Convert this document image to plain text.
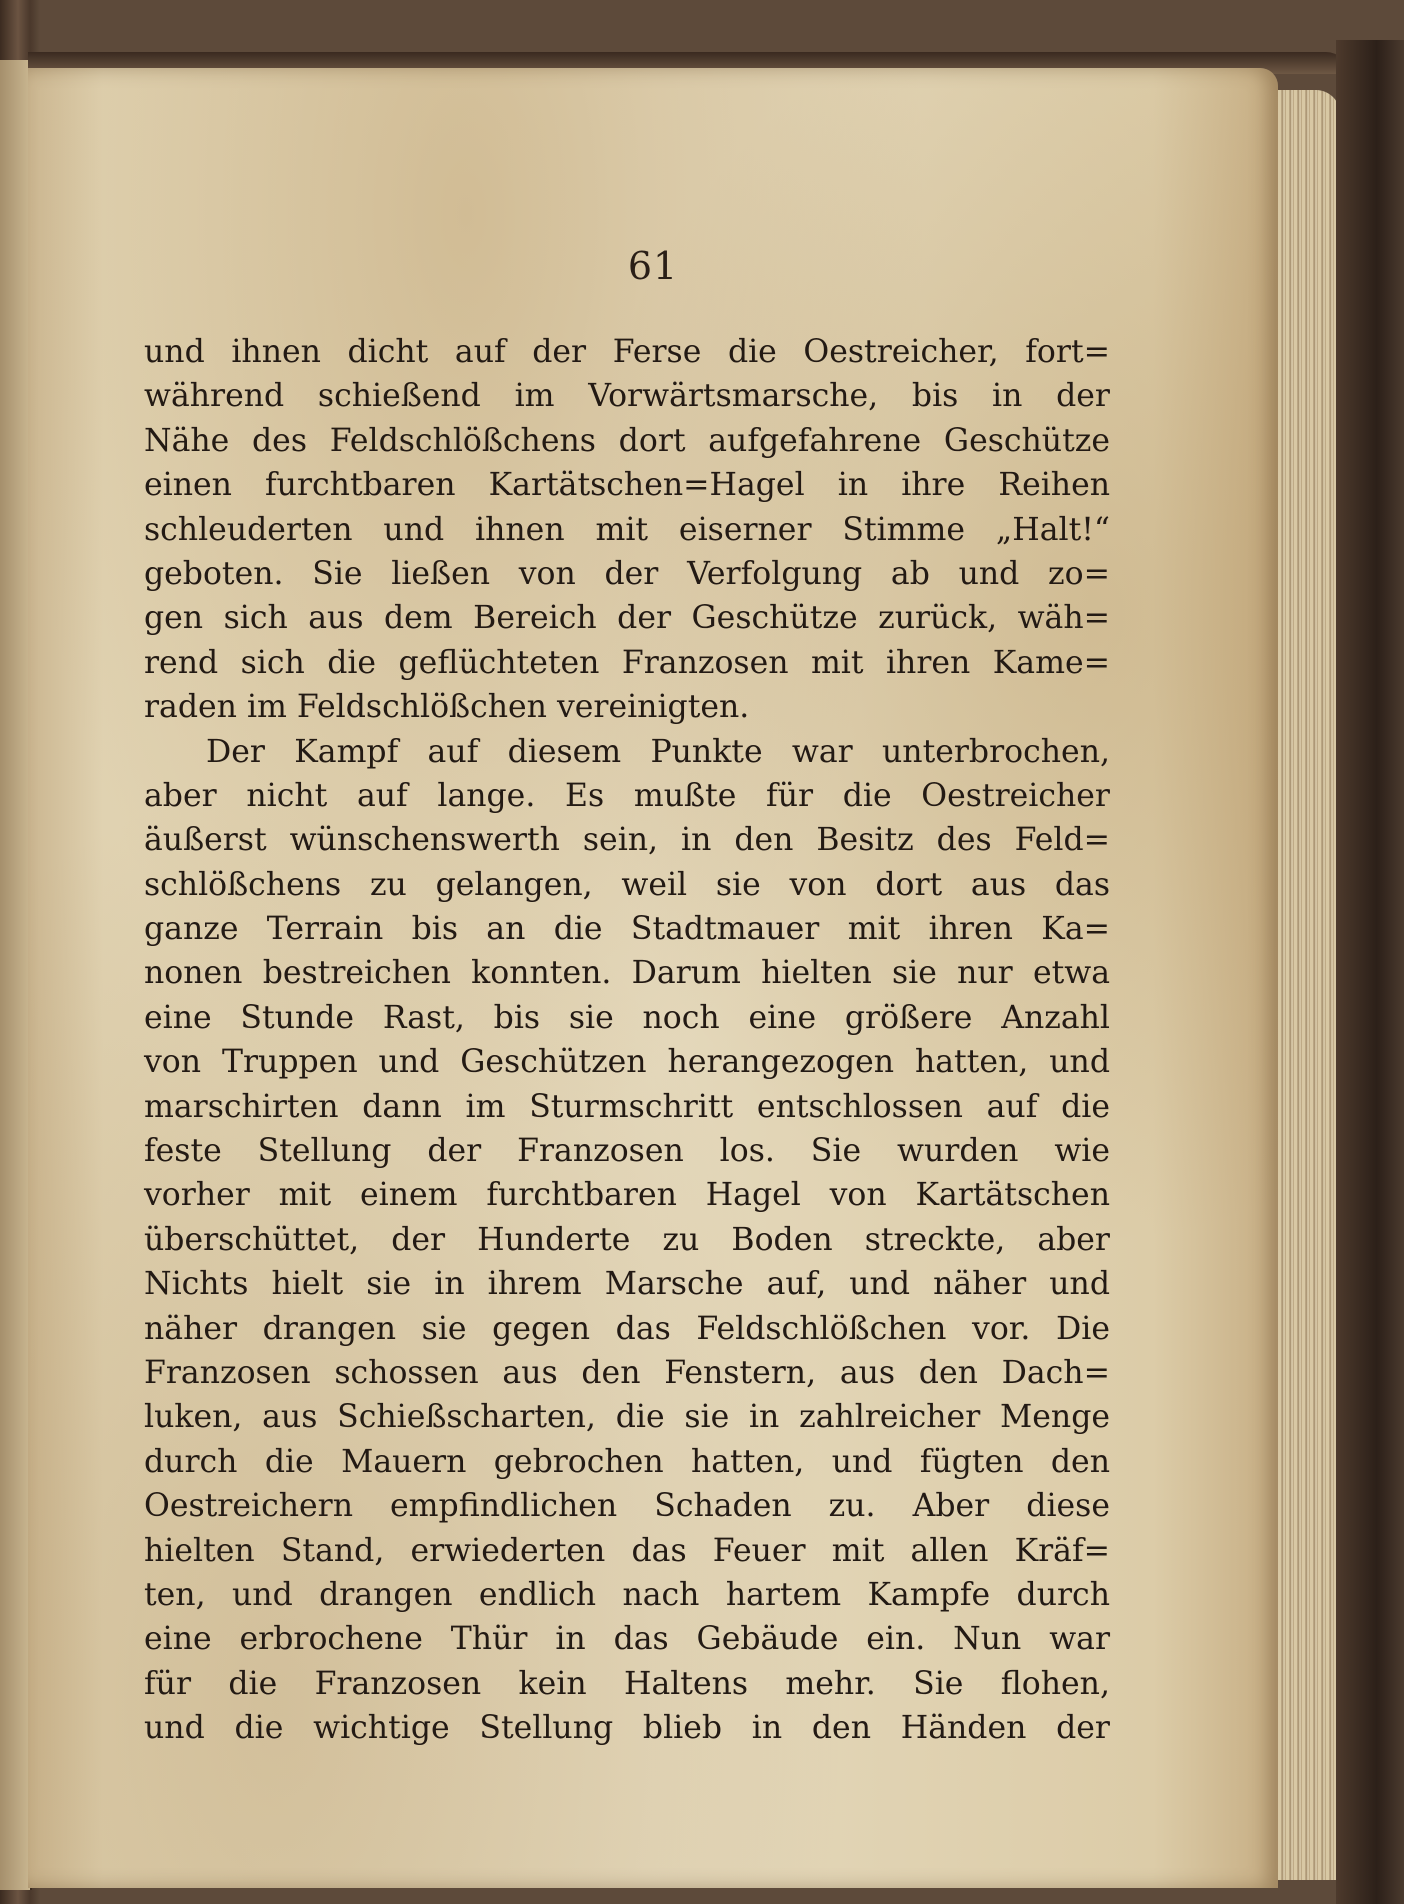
61
und ihnen dicht auf der Ferse die Oestreicher, fort=
während schießend im Vorwärtsmarsche, bis in der
Nähe des Feldschlößchens dort aufgefahrene Geschütze
einen furchtbaren Kartätschen=Hagel in ihre Reihen
schleuderten und ihnen mit eiserner Stimme „Halt!“
geboten. Sie ließen von der Verfolgung ab und zo=
gen sich aus dem Bereich der Geschütze zurück, wäh=
rend sich die geflüchteten Franzosen mit ihren Kame=
raden im Feldschlößchen vereinigten.
Der Kampf auf diesem Punkte war unterbrochen,
aber nicht auf lange. Es mußte für die Oestreicher
äußerst wünschenswerth sein, in den Besitz des Feld=
schlößchens zu gelangen, weil sie von dort aus das
ganze Terrain bis an die Stadtmauer mit ihren Ka=
nonen bestreichen konnten. Darum hielten sie nur etwa
eine Stunde Rast, bis sie noch eine größere Anzahl
von Truppen und Geschützen herangezogen hatten, und
marschirten dann im Sturmschritt entschlossen auf die
feste Stellung der Franzosen los. Sie wurden wie
vorher mit einem furchtbaren Hagel von Kartätschen
überschüttet, der Hunderte zu Boden streckte, aber
Nichts hielt sie in ihrem Marsche auf, und näher und
näher drangen sie gegen das Feldschlößchen vor. Die
Franzosen schossen aus den Fenstern, aus den Dach=
luken, aus Schießscharten, die sie in zahlreicher Menge
durch die Mauern gebrochen hatten, und fügten den
Oestreichern empfindlichen Schaden zu. Aber diese
hielten Stand, erwiederten das Feuer mit allen Kräf=
ten, und drangen endlich nach hartem Kampfe durch
eine erbrochene Thür in das Gebäude ein. Nun war
für die Franzosen kein Haltens mehr. Sie flohen,
und die wichtige Stellung blieb in den Händen der
